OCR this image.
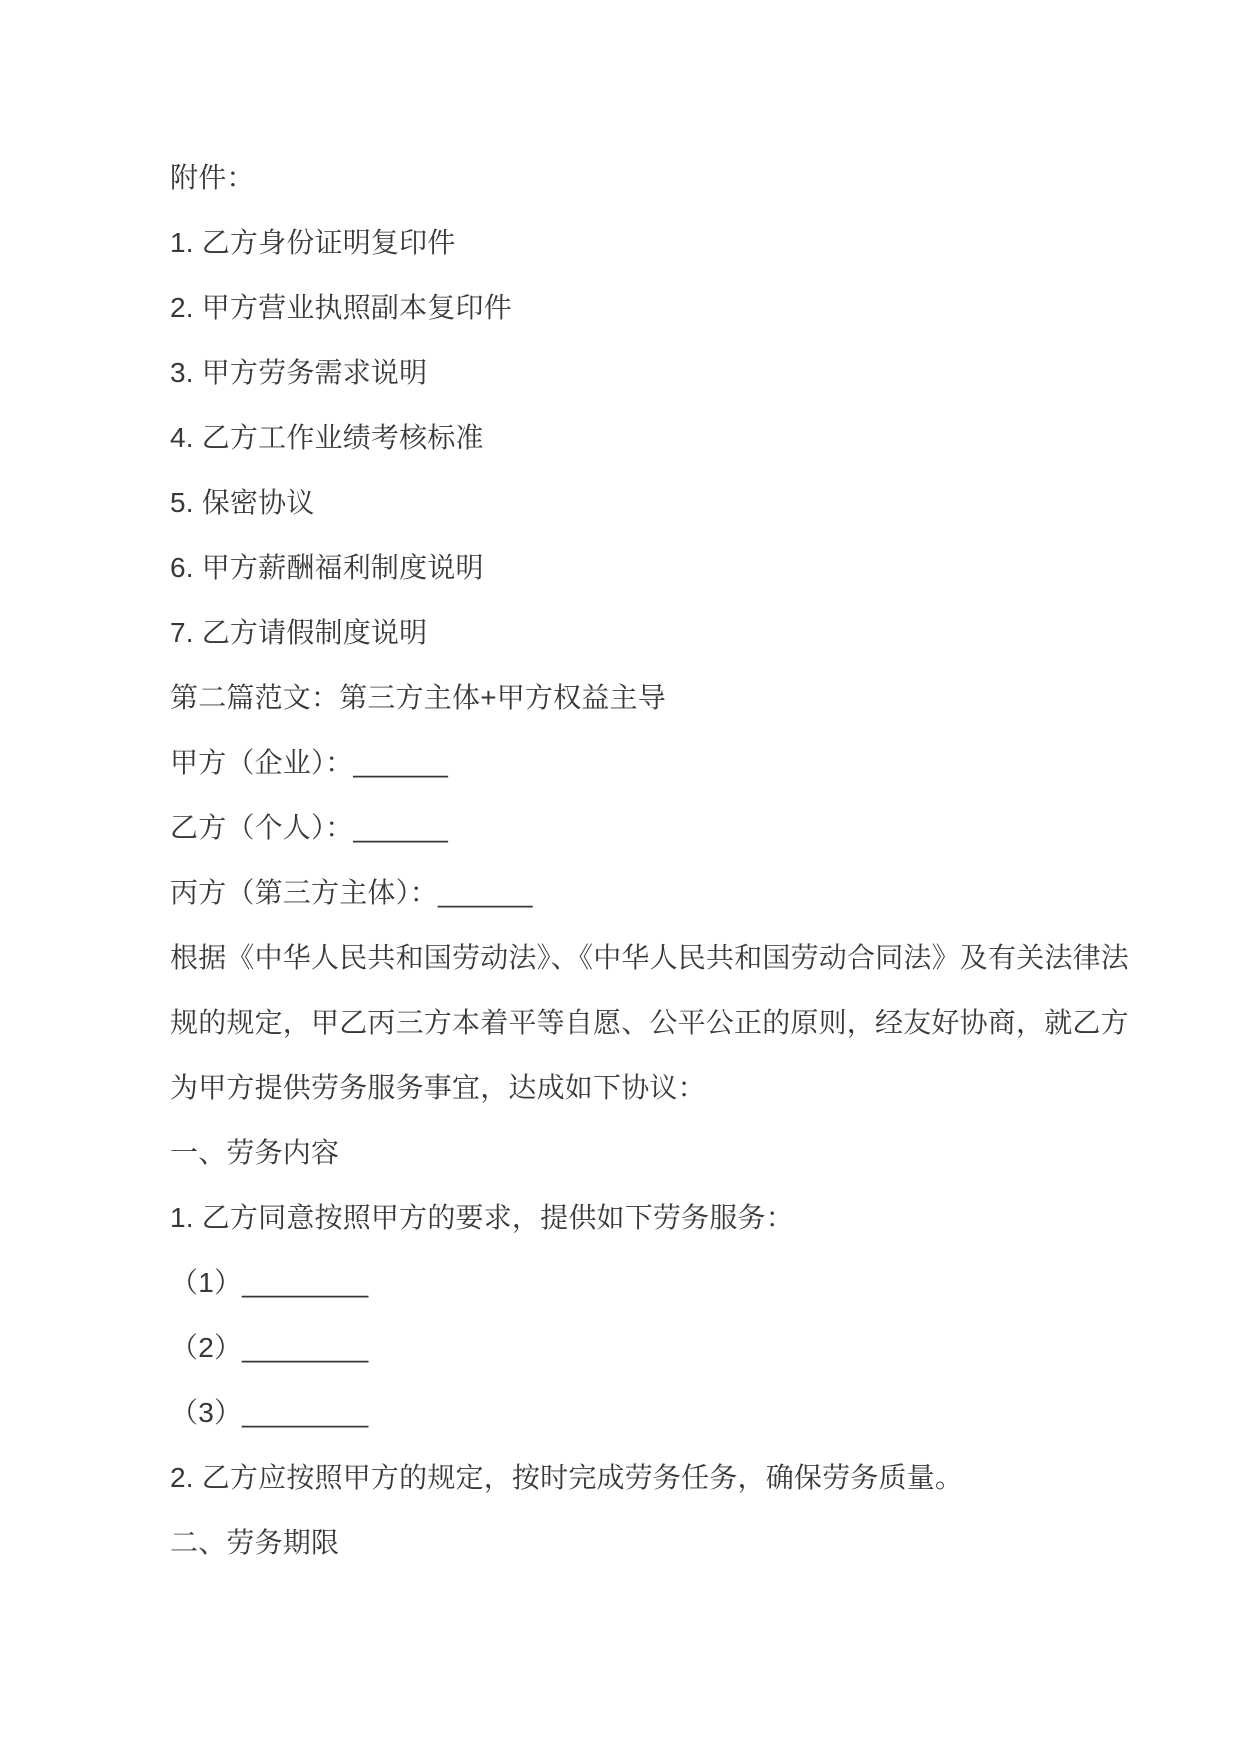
附件：
1. 乙方身份证明复印件
2. 甲方营业执照副本复印件
3. 甲方劳务需求说明
4. 乙方工作业绩考核标准
5. 保密协议
6. 甲方薪酬福利制度说明
7. 乙方请假制度说明
第二篇范文：第三方主体+甲方权益主导
甲方（企业）：______
乙方（个人）：______
丙方（第三方主体）：______
根据《中华人民共和国劳动法》、《中华人民共和国劳动合同法》及有关法律法
规的规定，甲乙丙三方本着平等自愿、公平公正的原则，经友好协商，就乙方
为甲方提供劳务服务事宜，达成如下协议：
一、劳务内容
1. 乙方同意按照甲方的要求，提供如下劳务服务：
（1）________
（2）________
（3）________
2. 乙方应按照甲方的规定，按时完成劳务任务，确保劳务质量。
二、劳务期限
